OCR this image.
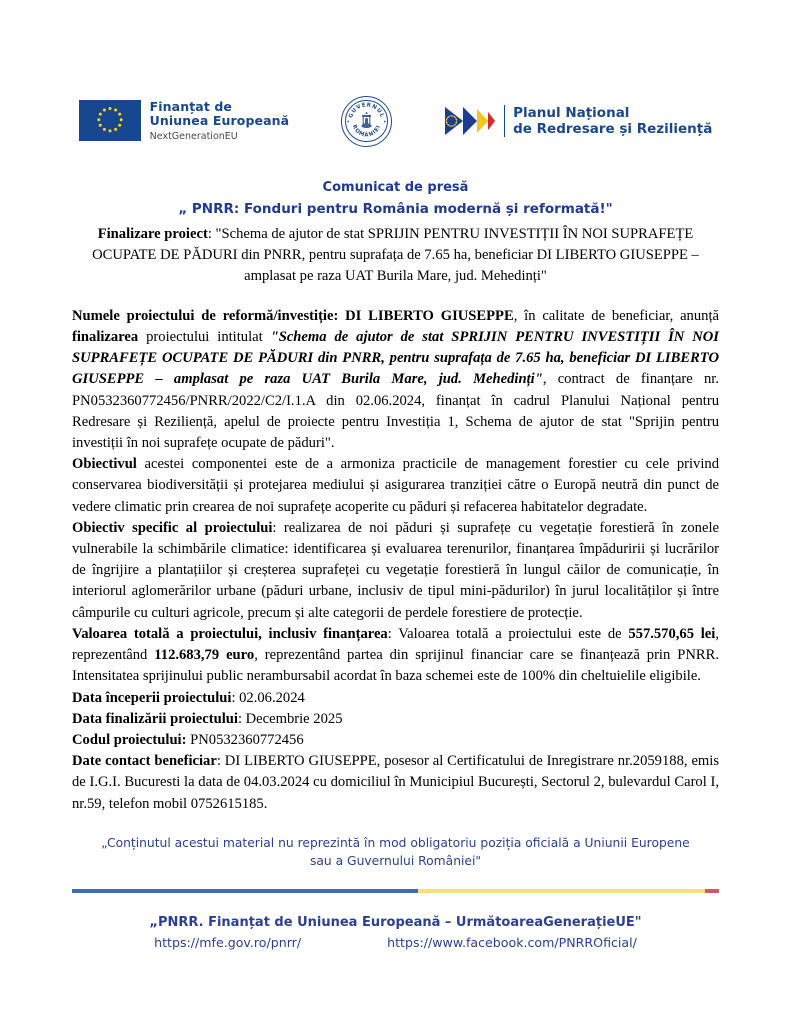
Finanțat de
Uniunea Europeană
NextGenerationEU
GUVERNUL
ROMÂNIEI
Planul Național
de Redresare și Reziliență
Comunicat de presă
„ PNRR: Fonduri pentru România modernă și reformată!"
Finalizare proiect: "Schema de ajutor de stat SPRIJIN PENTRU INVESTIȚII ÎN NOI SUPRAFEȚE OCUPATE DE PĂDURI din PNRR, pentru suprafața de 7.65 ha, beneficiar DI LIBERTO GIUSEPPE – amplasat pe raza UAT Burila Mare, jud. Mehedinți"

Numele proiectului de reformă/investiție: DI LIBERTO GIUSEPPE, în calitate de beneficiar, anunță finalizarea proiectului intitulat "Schema de ajutor de stat SPRIJIN PENTRU INVESTIȚII ÎN NOI SUPRAFEȚE OCUPATE DE PĂDURI din PNRR, pentru suprafața de 7.65 ha, beneficiar DI LIBERTO GIUSEPPE – amplasat pe raza UAT Burila Mare, jud. Mehedinți", contract de finanțare nr. PN0532360772456/PNRR/2022/C2/I.1.A din 02.06.2024, finanțat în cadrul Planului Național pentru Redresare și Reziliență, apelul de proiecte pentru Investiția 1, Schema de ajutor de stat "Sprijin pentru investiții în noi suprafețe ocupate de păduri".

Obiectivul acestei componentei este de a armoniza practicile de management forestier cu cele privind conservarea biodiversității și protejarea mediului și asigurarea tranziției către o Europă neutră din punct de vedere climatic prin crearea de noi suprafețe acoperite cu păduri și refacerea habitatelor degradate.

Obiectiv specific al proiectului: realizarea de noi păduri și suprafețe cu vegetație forestieră în zonele vulnerabile la schimbările climatice: identificarea și evaluarea terenurilor, finanțarea împăduririi și lucrărilor de îngrijire a plantațiilor și creșterea suprafeței cu vegetație forestieră în lungul căilor de comunicație, în interiorul aglomerărilor urbane (păduri urbane, inclusiv de tipul mini-pădurilor) în jurul localităților și între câmpurile cu culturi agricole, precum și alte categorii de perdele forestiere de protecție.

Valoarea totală a proiectului, inclusiv finanțarea: Valoarea totală a proiectului este de 557.570,65 lei, reprezentând 112.683,79 euro, reprezentând partea din sprijinul financiar care se finanțează prin PNRR. Intensitatea sprijinului public nerambursabil acordat în baza schemei este de 100% din cheltuielile eligibile.

Data începerii proiectului: 02.06.2024

Data finalizării proiectului: Decembrie 2025

Codul proiectului: PN0532360772456

Date contact beneficiar: DI LIBERTO GIUSEPPE, posesor al Certificatului de Inregistrare nr.2059188, emis de I.G.I. Bucuresti la data de 04.03.2024 cu domiciliul în Municipiul București, Sectorul 2, bulevardul Carol I, nr.59, telefon mobil 0752615185.

„Conținutul acestui material nu reprezintă în mod obligatoriu poziția oficială a Uniunii Europene sau a Guvernului României"
„PNRR. Finanțat de Uniunea Europeană – UrmătoareaGenerațieUE"
https://mfe.gov.ro/pnrr/	https://www.facebook.com/PNRROficial/
